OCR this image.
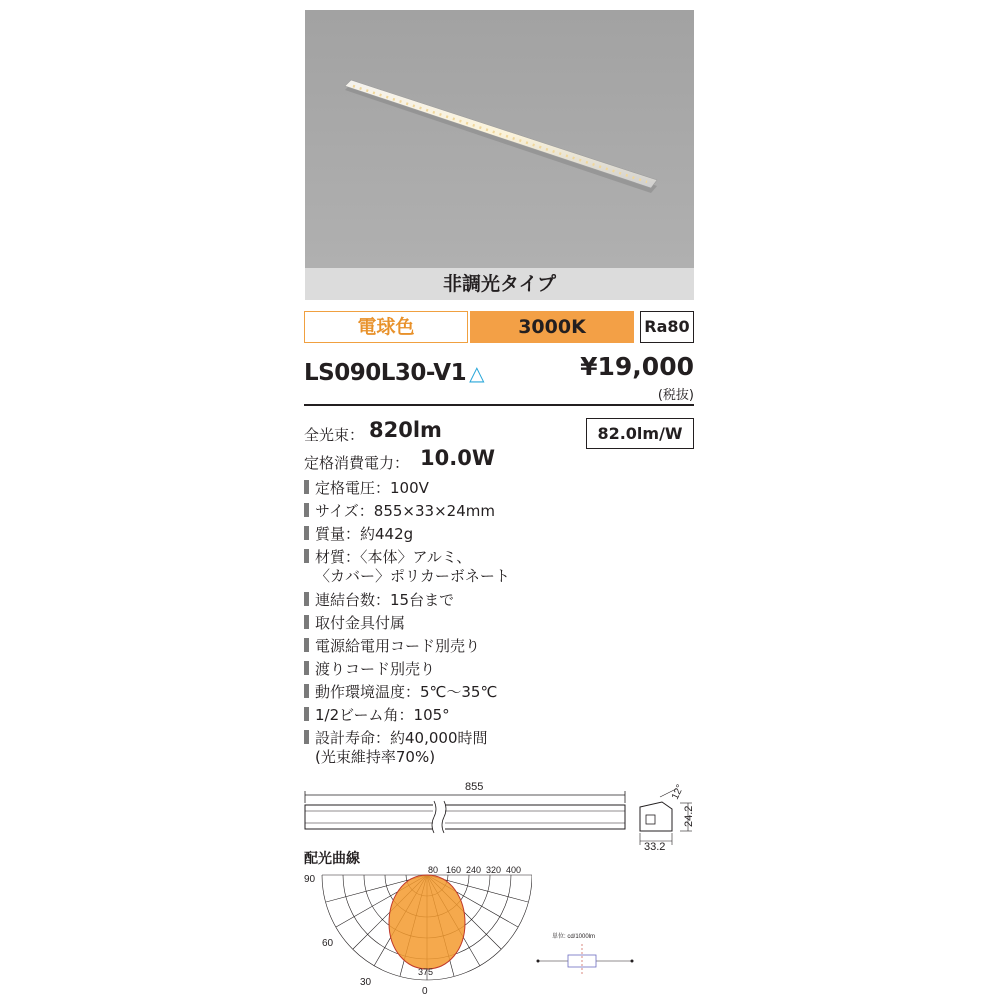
非調光タイプ
電球色	3000K	Ra80
LS090L30-V1 △	¥19,000
(税抜)
全光束： 820lm
定格消費電力： 10.0W
82.0lm/W
定格電圧：100V
サイズ：855×33×24mm
質量：約442g
材質：〈本体〉アルミ、
〈カバー〉ポリカーボネート
連結台数：15台まで
取付金具付属
電源給電用コード別売り
渡りコード別売り
動作環境温度：5℃～35℃
1/2ビーム角：105°
設計寿命：約40,000時間
(光束維持率70%)
855	12°
24.2
33.2
配光曲線
90
60
30
0
80 160 240 320 400
375
単位: cd/1000lm
